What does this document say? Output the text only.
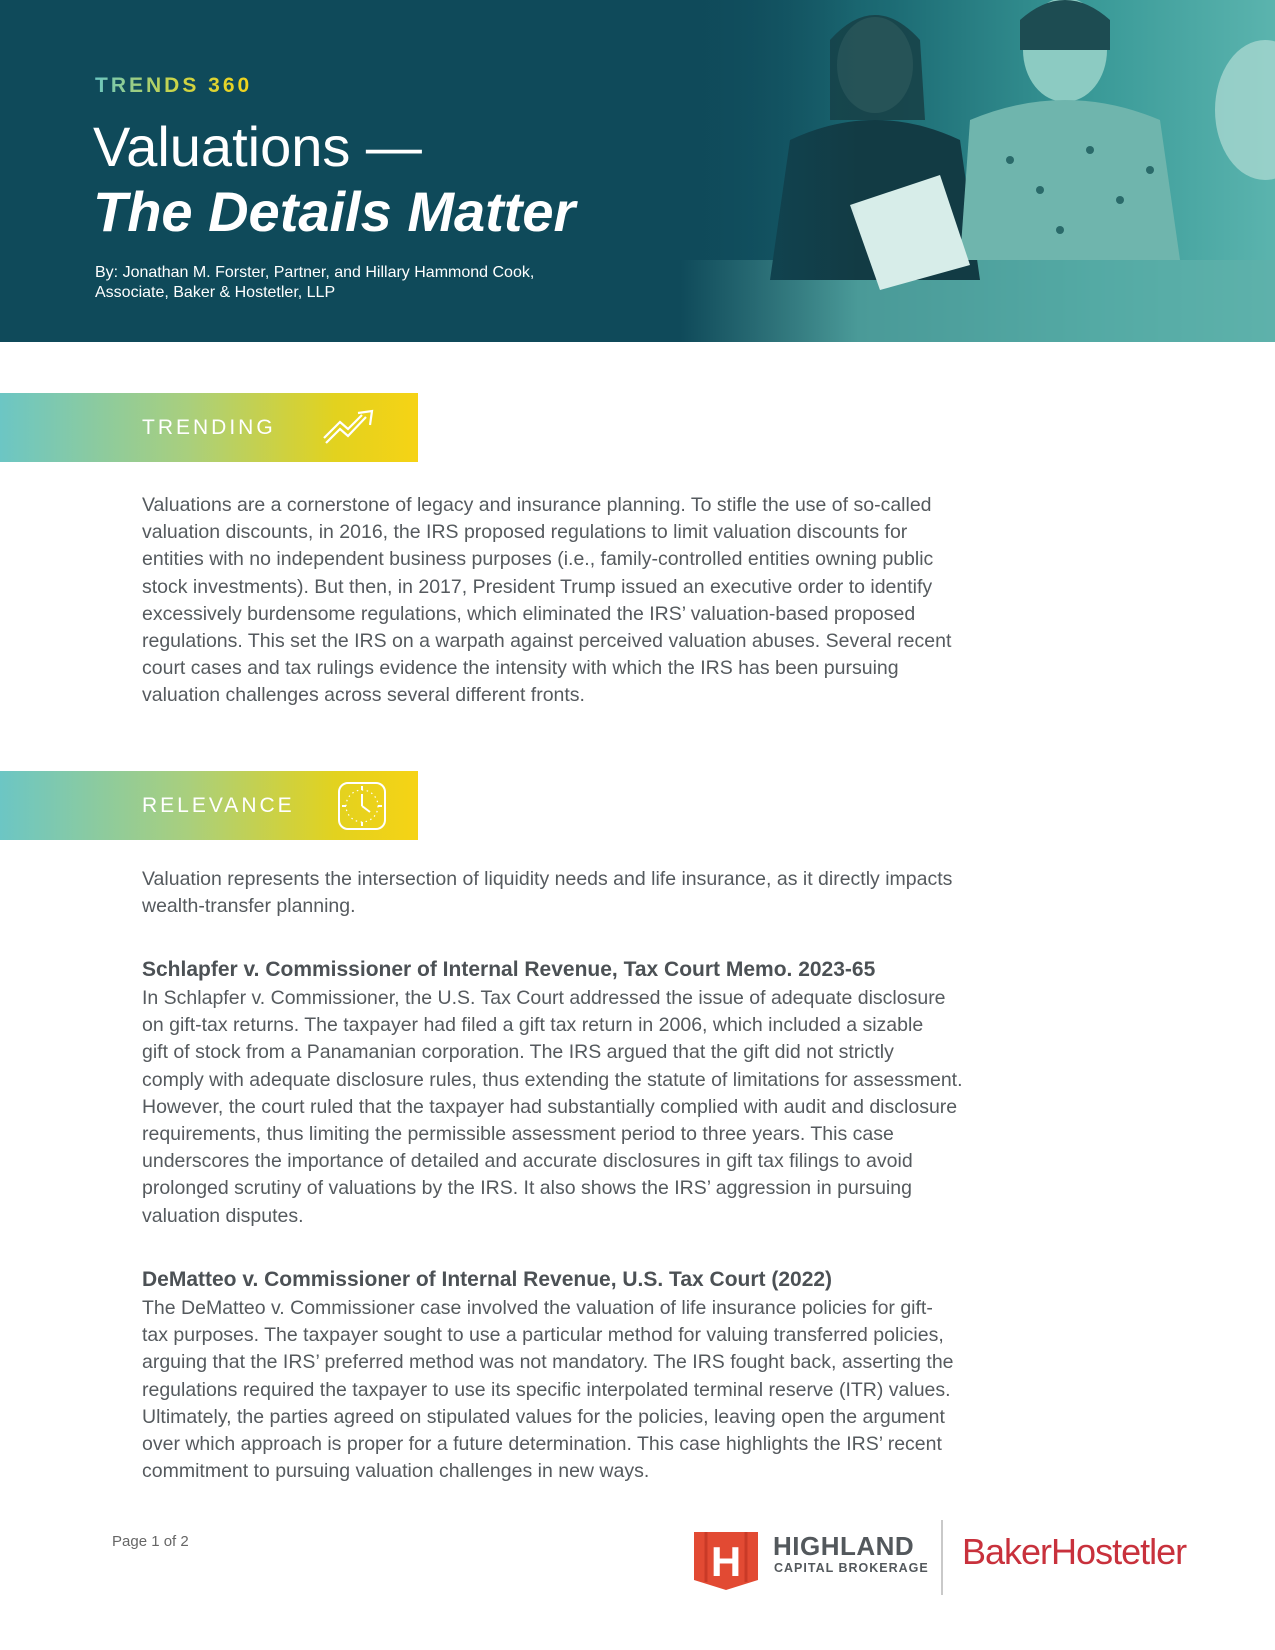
TRENDS 360

Valuations —
The Details Matter
By: Jonathan M. Forster, Partner, and Hillary Hammond Cook,
Associate, Baker & Hostetler, LLP
TRENDING
Valuations are a cornerstone of legacy and insurance planning. To stifle the use of so-called
valuation discounts, in 2016, the IRS proposed regulations to limit valuation discounts for
entities with no independent business purposes (i.e., family-controlled entities owning public
stock investments). But then, in 2017, President Trump issued an executive order to identify
excessively burdensome regulations, which eliminated the IRS’ valuation-based proposed
regulations. This set the IRS on a warpath against perceived valuation abuses. Several recent
court cases and tax rulings evidence the intensity with which the IRS has been pursuing
valuation challenges across several different fronts.
RELEVANCE
Valuation represents the intersection of liquidity needs and life insurance, as it directly impacts
wealth-transfer planning.
Schlapfer v. Commissioner of Internal Revenue, Tax Court Memo. 2023-65
In Schlapfer v. Commissioner, the U.S. Tax Court addressed the issue of adequate disclosure
on gift-tax returns. The taxpayer had filed a gift tax return in 2006, which included a sizable
gift of stock from a Panamanian corporation. The IRS argued that the gift did not strictly
comply with adequate disclosure rules, thus extending the statute of limitations for assessment.
However, the court ruled that the taxpayer had substantially complied with audit and disclosure
requirements, thus limiting the permissible assessment period to three years. This case
underscores the importance of detailed and accurate disclosures in gift tax filings to avoid
prolonged scrutiny of valuations by the IRS. It also shows the IRS’ aggression in pursuing
valuation disputes.
DeMatteo v. Commissioner of Internal Revenue, U.S. Tax Court (2022)
The DeMatteo v. Commissioner case involved the valuation of life insurance policies for gift-
tax purposes. The taxpayer sought to use a particular method for valuing transferred policies,
arguing that the IRS’ preferred method was not mandatory. The IRS fought back, asserting the
regulations required the taxpayer to use its specific interpolated terminal reserve (ITR) values.
Ultimately, the parties agreed on stipulated values for the policies, leaving open the argument
over which approach is proper for a future determination. This case highlights the IRS’ recent
commitment to pursuing valuation challenges in new ways.
Page 1 of 2	H HIGHLAND
CAPITAL BROKERAGE BakerHostetler
